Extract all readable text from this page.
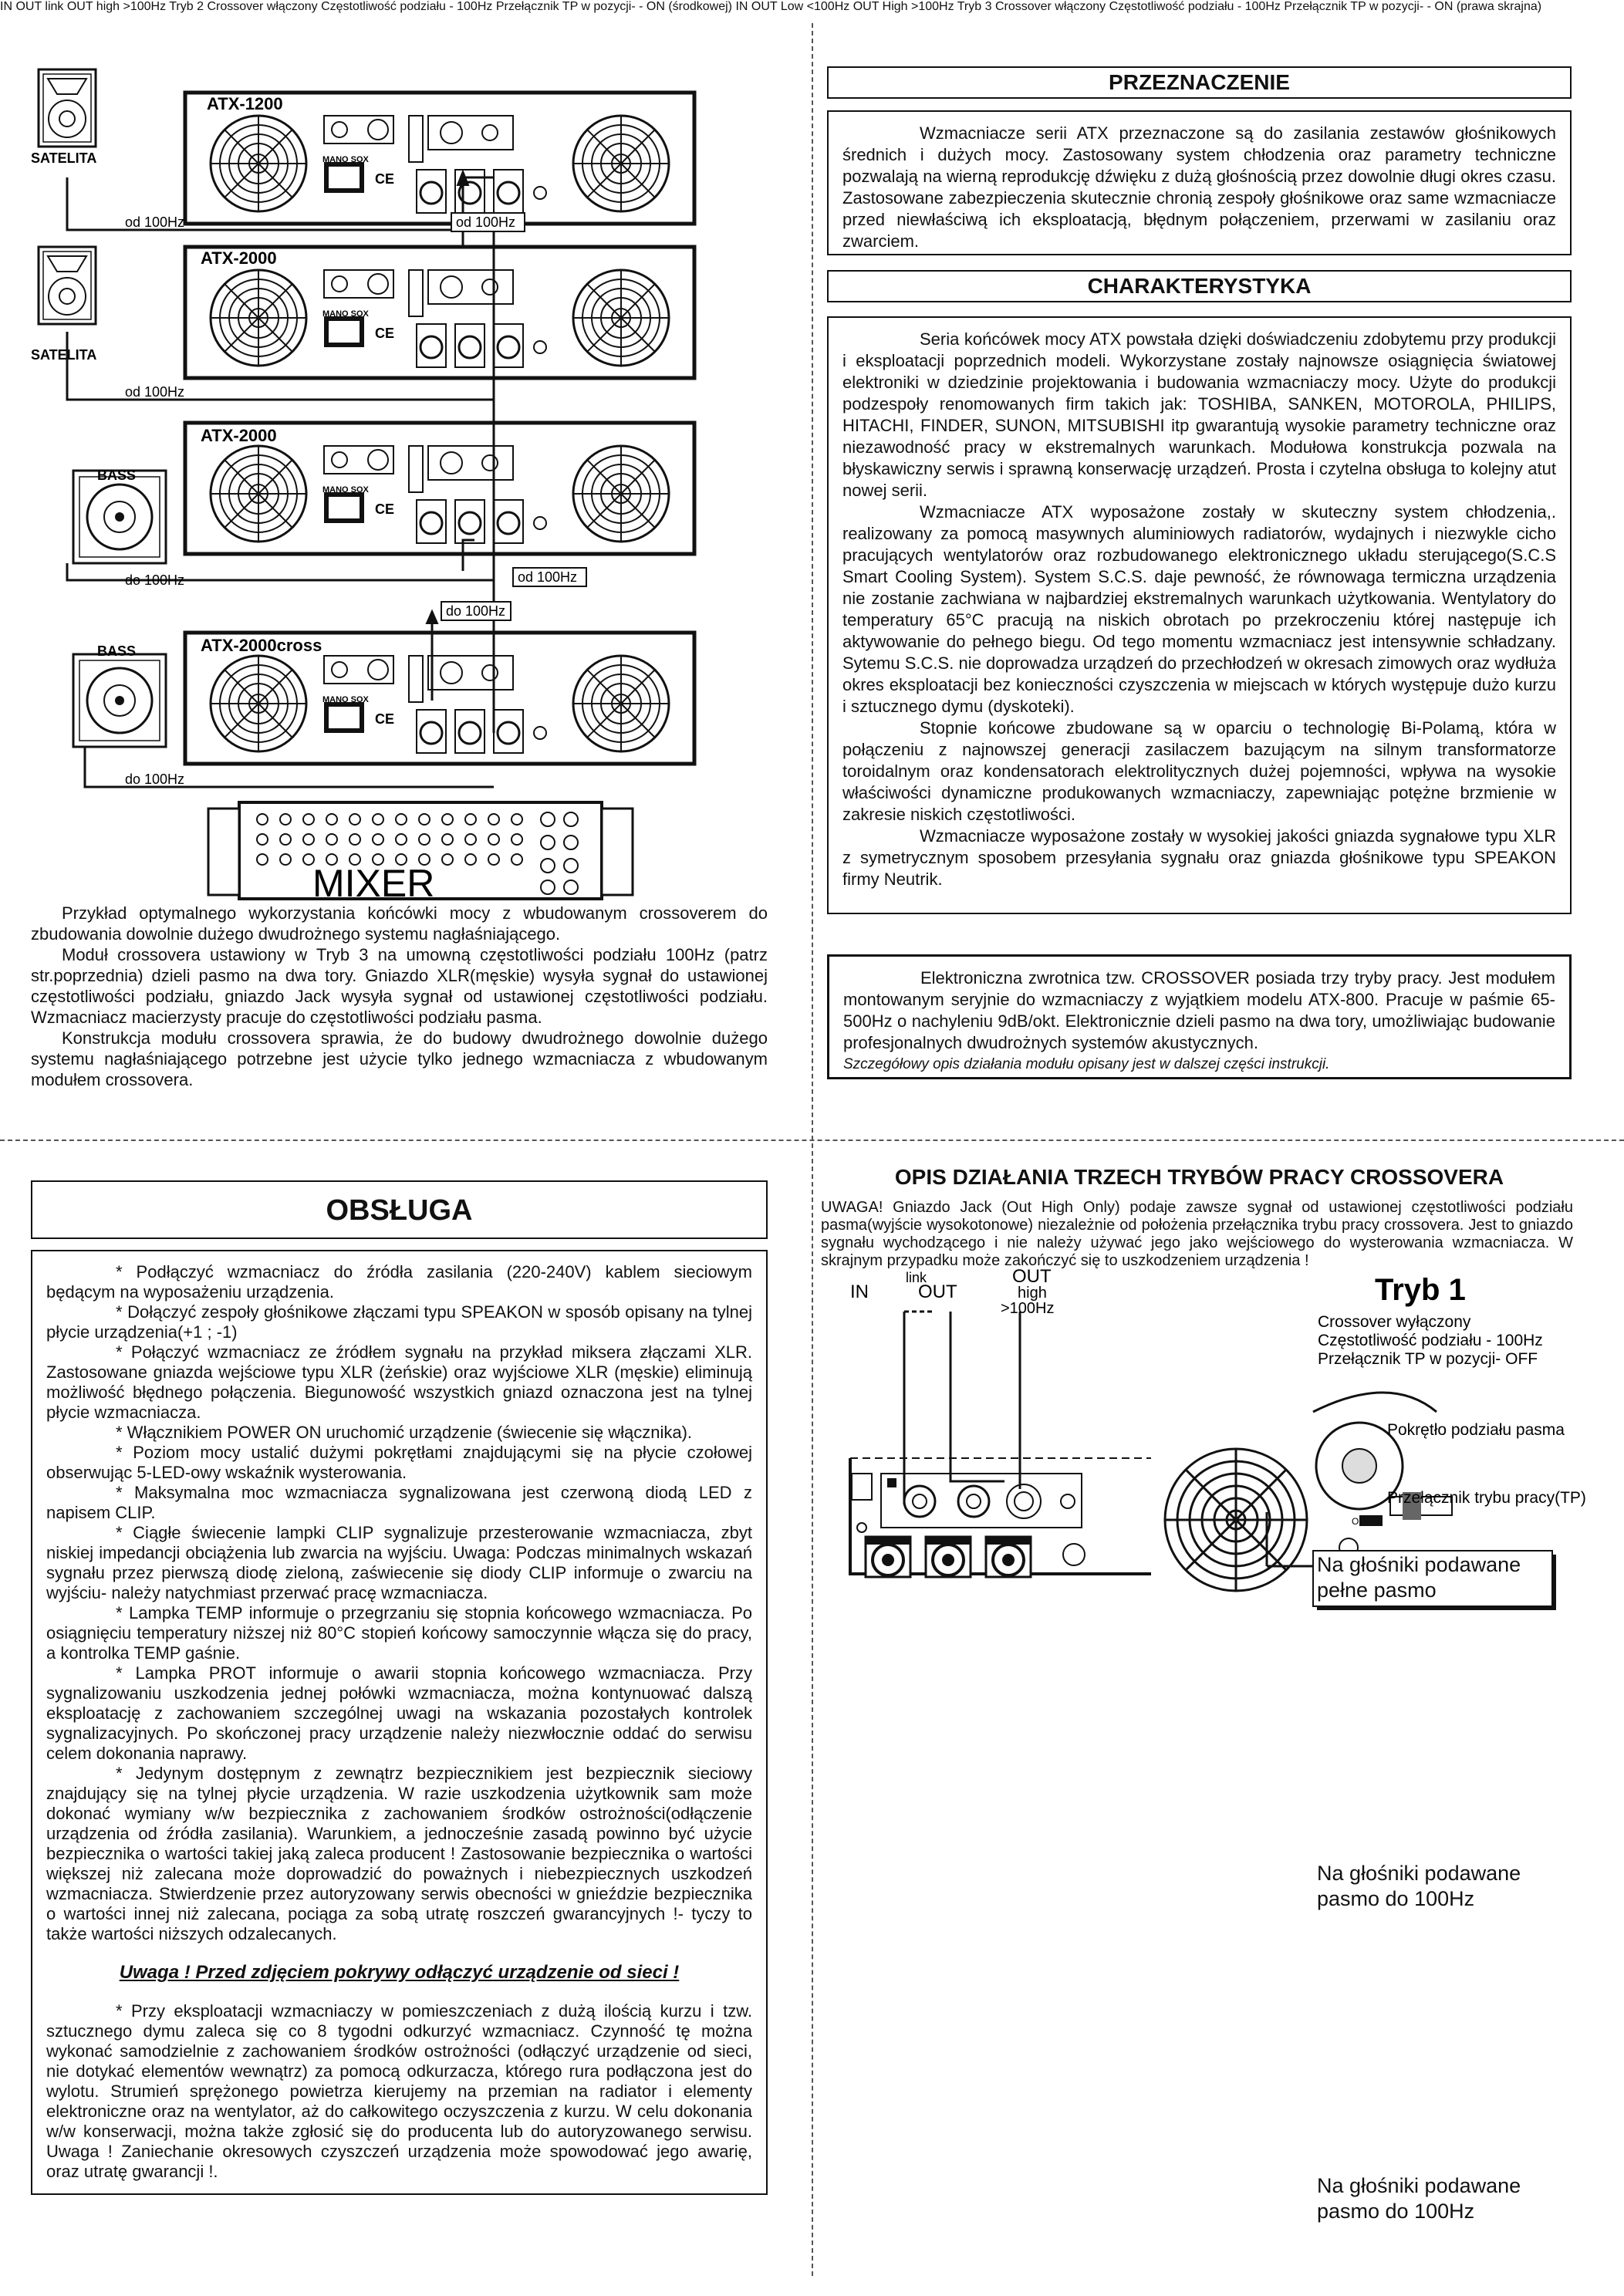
ATX-1200
MANO SOX
SATELITA
ATX-2000
MANO SOX
SATELITA
ATX-2000
MANO SOX
BASS
ATX-2000cross
MANO SOX
BASS
od 100Hz	od 100Hz
od 100Hz
do 100Hz	od 100Hz
do 100Hz
do 100Hz
MIXER

Przykład optymalnego wykorzystania końcówki mocy z wbudowanym crossoverem do zbudowania dowolnie dużego dwudrożnego systemu nagłaśniającego.

Moduł crossovera ustawiony w Tryb 3 na umowną częstotliwości podziału 100Hz (patrz str.poprzednia) dzieli pasmo na dwa tory. Gniazdo XLR(męskie) wysyła sygnał do ustawionej częstotliwości podziału, gniazdo Jack wysyła sygnał od ustawionej częstotliwości podziału. Wzmacniacz macierzysty pracuje do częstotliwości podziału pasma.

Konstrukcja modułu crossovera sprawia, że do budowy dwudrożnego dowolnie dużego systemu nagłaśniającego potrzebne jest użycie tylko jednego wzmacniacza z wbudowanym modułem crossovera.

PRZEZNACZENIE

Wzmacniacze serii ATX przeznaczone są do zasilania zestawów głośnikowych średnich i dużych mocy. Zastosowany system chłodzenia oraz parametry techniczne pozwalają na wierną reprodukcję dźwięku z dużą głośnością przez dowolnie długi okres czasu. Zastosowane zabezpieczenia skutecznie chronią zespoły głośnikowe oraz same wzmacniacze przed niewłaściwą ich eksploatacją, błędnym połączeniem, przerwami w zasilaniu oraz zwarciem.

CHARAKTERYSTYKA

Seria końcówek mocy ATX powstała dzięki doświadczeniu zdobytemu przy produkcji i eksploatacji poprzednich modeli. Wykorzystane zostały najnowsze osiągnięcia światowej elektroniki w dziedzinie projektowania i budowania wzmacniaczy mocy. Użyte do produkcji podzespoły renomowanych firm takich jak: TOSHIBA, SANKEN, MOTOROLA, PHILIPS, HITACHI, FINDER, SUNON, MITSUBISHI itp gwarantują wysokie parametry techniczne oraz niezawodność pracy w ekstremalnych warunkach. Modułowa konstrukcja pozwala na błyskawiczny serwis i sprawną konserwację urządzeń. Prosta i czytelna obsługa to kolejny atut nowej serii.

Wzmacniacze ATX wyposażone zostały w skuteczny system chłodzenia,. realizowany za pomocą masywnych aluminiowych radiatorów, wydajnych i niezwykle cicho pracujących wentylatorów oraz rozbudowanego elektronicznego układu sterującego(S.C.S Smart Cooling System). System S.C.S. daje pewność, że równowaga termiczna urządzenia nie zostanie zachwiana w najbardziej ekstremalnych warunkach użytkowania. Wentylatory do temperatury 65°C pracują na niskich obrotach po przekroczeniu której następuje ich aktywowanie do pełnego biegu. Od tego momentu wzmacniacz jest intensywnie schładzany. Sytemu S.C.S. nie doprowadza urządzeń do przechłodzeń w okresach zimowych oraz wydłuża okres eksploatacji bez konieczności czyszczenia w miejscach w których występuje dużo kurzu i sztucznego dymu (dyskoteki).

Stopnie końcowe zbudowane są w oparciu o technologię Bi-Polamą, która w połączeniu z najnowszej generacji zasilaczem bazującym na silnym transformatorze toroidalnym oraz kondensatorach elektrolitycznych dużej pojemności, wpływa na wysokie właściwości dynamiczne produkowanych wzmacniaczy, zapewniając potężne brzmienie w zakresie niskich częstotliwości.

Wzmacniacze wyposażone zostały w wysokiej jakości gniazda sygnałowe typu XLR z symetrycznym sposobem przesyłania sygnału oraz gniazda głośnikowe typu SPEAKON firmy Neutrik.

Elektroniczna zwrotnica tzw. CROSSOVER posiada trzy tryby pracy. Jest modułem montowanym seryjnie do wzmacniaczy z wyjątkiem modelu ATX-800. Pracuje w paśmie 65-500Hz o nachyleniu 9dB/okt. Elektronicznie dzieli pasmo na dwa tory, umożliwiając budowanie profesjonalnych dwudrożnych systemów akustycznych.

Szczegółowy opis działania modułu opisany jest w dalszej części instrukcji.

OBSŁUGA

* Podłączyć wzmacniacz do źródła zasilania (220-240V) kablem sieciowym będącym na wyposażeniu urządzenia.

* Dołączyć zespoły głośnikowe złączami typu SPEAKON w sposób opisany na tylnej płycie urządzenia(+1 ; -1)

* Połączyć wzmacniacz ze źródłem sygnału na przykład miksera złączami XLR. Zastosowane gniazda wejściowe typu XLR (żeńskie) oraz wyjściowe XLR (męskie) eliminują możliwość błędnego połączenia. Biegunowość wszystkich gniazd oznaczona jest na tylnej płycie wzmacniacza.

* Włącznikiem POWER ON uruchomić urządzenie (świecenie się włącznika).

* Poziom mocy ustalić dużymi pokrętłami znajdującymi się na płycie czołowej obserwując 5-LED-owy wskaźnik wysterowania.

* Maksymalna moc wzmacniacza sygnalizowana jest czerwoną diodą LED z napisem CLIP.

* Ciągłe świecenie lampki CLIP sygnalizuje przesterowanie wzmacniacza, zbyt niskiej impedancji obciążenia lub zwarcia na wyjściu. Uwaga: Podczas minimalnych wskazań sygnału przez pierwszą diodę zieloną, zaświecenie się diody CLIP informuje o zwarciu na wyjściu- należy natychmiast przerwać pracę wzmacniacza.

* Lampka TEMP informuje o przegrzaniu się stopnia końcowego wzmacniacza. Po osiągnięciu temperatury niższej niż 80°C stopień końcowy samoczynnie włącza się do pracy, a kontrolka TEMP gaśnie.

* Lampka PROT informuje o awarii stopnia końcowego wzmacniacza. Przy sygnalizowaniu uszkodzenia jednej połówki wzmacniacza, można kontynuować dalszą eksploatację z zachowaniem szczególnej uwagi na wskazania pozostałych kontrolek sygnalizacyjnych. Po skończonej pracy urządzenie należy niezwłocznie oddać do serwisu celem dokonania naprawy.

* Jedynym dostępnym z zewnątrz bezpiecznikiem jest bezpiecznik sieciowy znajdujący się na tylnej płycie urządzenia. W razie uszkodzenia użytkownik sam może dokonać wymiany w/w bezpiecznika z zachowaniem środków ostrożności(odłączenie urządzenia od źródła zasilania). Warunkiem, a jednocześnie zasadą powinno być użycie bezpiecznika o wartości takiej jaką zaleca producent ! Zastosowanie bezpiecznika o wartości większej niż zalecana może doprowadzić do poważnych i niebezpiecznych uszkodzeń wzmacniacza. Stwierdzenie przez autoryzowany serwis obecności w gnieździe bezpiecznika o wartości innej niż zalecana, pociąga za sobą utratę roszczeń gwarancyjnych !- tyczy to także wartości niższych odzalecanych.

Uwaga ! Przed zdjęciem pokrywy odłączyć urządzenie od sieci !

* Przy eksploatacji wzmacniaczy w pomieszczeniach z dużą ilością kurzu i tzw. sztucznego dymu zaleca się co 8 tygodni odkurzyć wzmacniacz. Czynność tę można wykonać samodzielnie z zachowaniem środków ostrożności (odłączyć urządzenie od sieci, nie dotykać elementów wewnątrz) za pomocą odkurzacza, którego rura podłączona jest do wylotu. Strumień sprężonego powietrza kierujemy na przemian na radiator i elementy elektroniczne oraz na wentylator, aż do całkowitego oczyszczenia z kurzu. W celu dokonania w/w konserwacji, można także zgłosić się do producenta lub do autoryzowanego serwisu. Uwaga ! Zaniechanie okresowych czyszczeń urządzenia może spowodować jego awarię, oraz utratę gwarancji !.

OPIS DZIAŁANIA TRZECH TRYBÓW PRACY CROSSOVERA
UWAGA! Gniazdo Jack (Out High Only) podaje zawsze sygnał od ustawionej częstotliwości podziału pasma(wyjście wysokotonowe) niezależnie od położenia przełącznika trybu pracy crossovera. Jest to gniazdo sygnału wychodzącego i nie należy używać jego jako wejściowego do wysterowania wzmacniacza. W skrajnym przypadku może zakończyć się to uszkodzeniem urządzenia !
IN	OUT
link	OUT
high
>100Hz
Tryb 1
Crossover wyłączony
Częstotliwość podziału - 100Hz
Przełącznik TP w pozycji- OFF
Pokrętło podziału pasma
Przełącznik trybu pracy(TP)
IN OUT link OUT high >100Hz Tryb 2 Crossover włączony Częstotliwość podziału - 100Hz Przełącznik TP w pozycji- - ON (środkowej) IN OUT Low <100Hz OUT High >100Hz Tryb 3 Crossover włączony Częstotliwość podziału - 100Hz Przełącznik TP w pozycji- - ON (prawa skrajna)
Na głośniki podawane pełne pasmo
Na głośniki podawane pasmo do 100Hz
Na głośniki podawane pasmo do 100Hz
